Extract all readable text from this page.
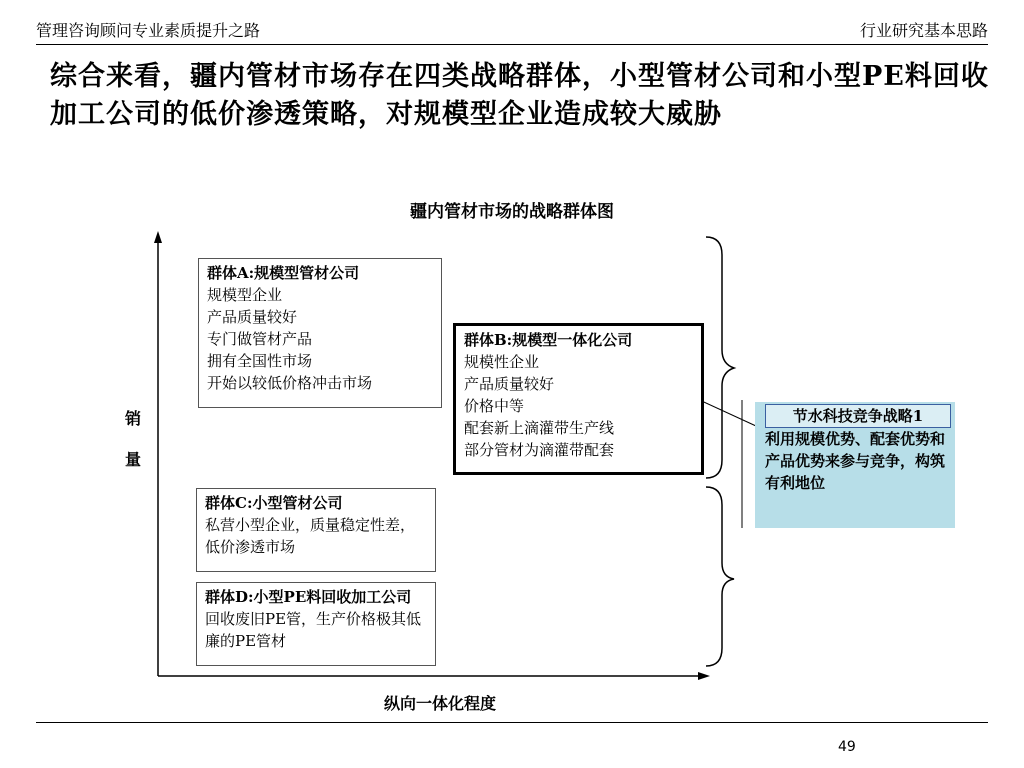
管理咨询顾问专业素质提升之路	行业研究基本思路
综合来看，疆内管材市场存在四类战略群体，小型管材公司和小型PE料回收加工公司的低价渗透策略，对规模型企业造成较大威胁
疆内管材市场的战略群体图
销
量
纵向一体化程度
群体A:规模型管材公司
规模型企业
产品质量较好
专门做管材产品
拥有全国性市场
开始以较低价格冲击市场
群体B:规模型一体化公司
规模性企业
产品质量较好
价格中等
配套新上滴灌带生产线
部分管材为滴灌带配套
群体C:小型管材公司
私营小型企业，质量稳定性差，低价渗透市场
群体D:小型PE料回收加工公司
回收废旧PE管，生产价格极其低廉的PE管材
节水科技竞争战略1
利用规模优势、配套优势和产品优势来参与竞争，构筑有利地位
49
